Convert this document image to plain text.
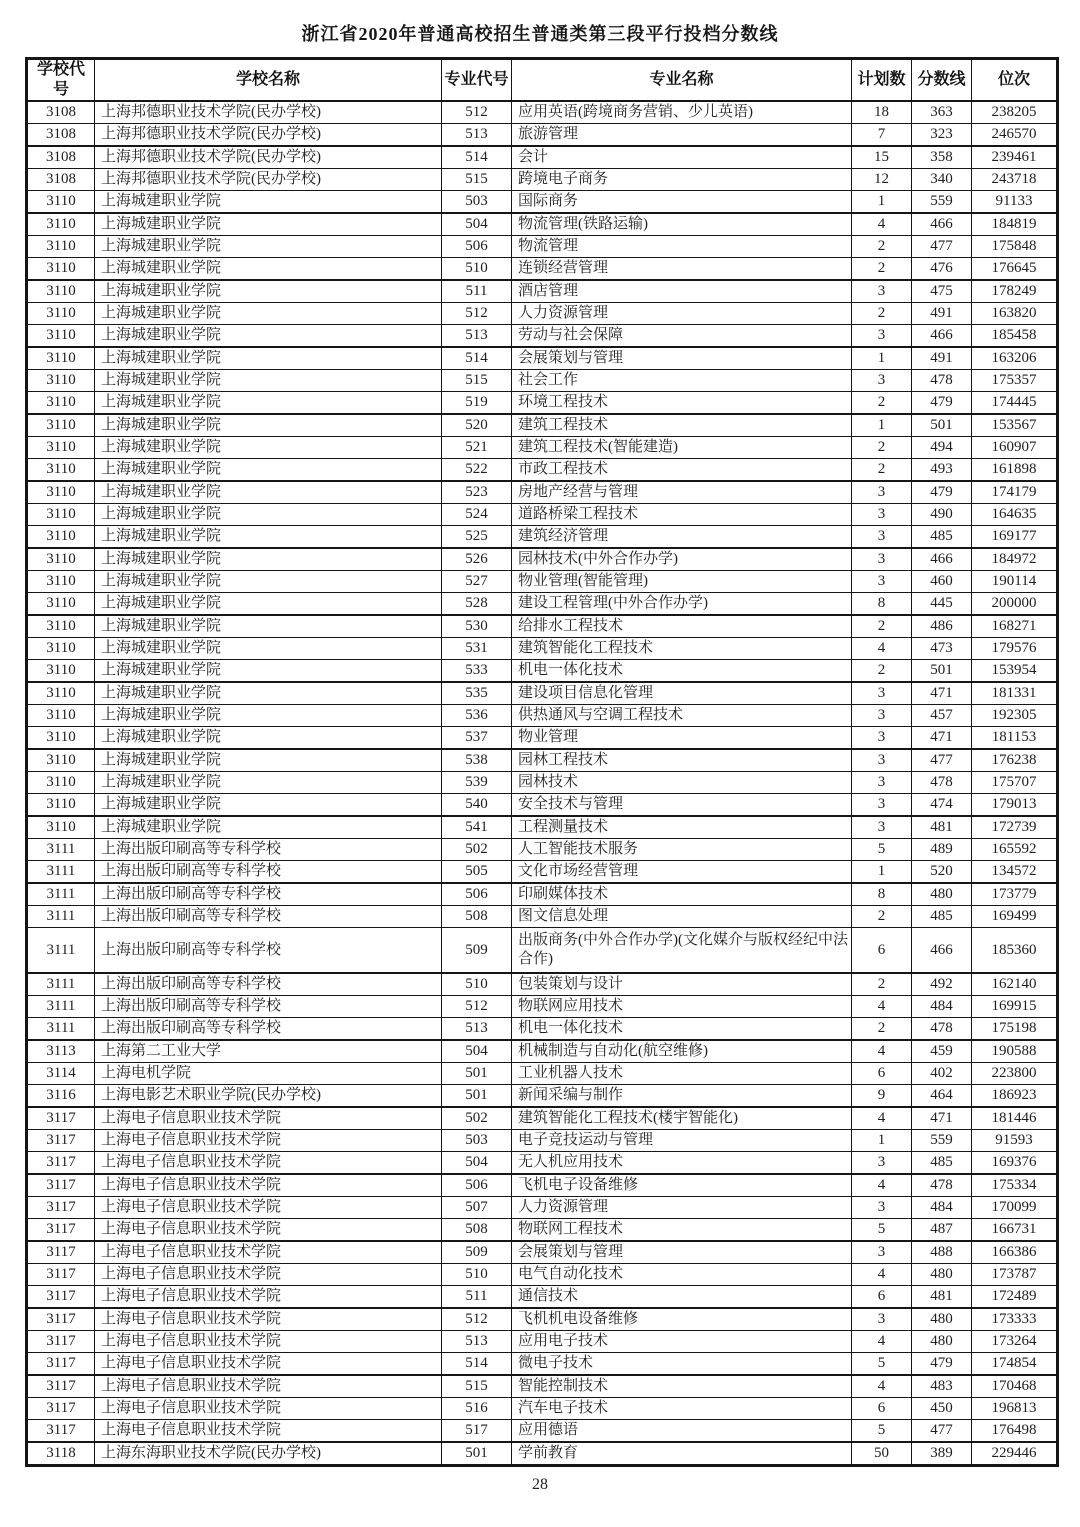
浙江省2020年普通高校招生普通类第三段平行投档分数线
学校代号	学校名称	专业代号	专业名称	计划数	分数线	位次
3108	上海邦德职业技术学院(民办学校)	512	应用英语(跨境商务营销、少儿英语)	18	363	238205
3108	上海邦德职业技术学院(民办学校)	513	旅游管理	7	323	246570
3108	上海邦德职业技术学院(民办学校)	514	会计	15	358	239461
3108	上海邦德职业技术学院(民办学校)	515	跨境电子商务	12	340	243718
3110	上海城建职业学院	503	国际商务	1	559	91133
3110	上海城建职业学院	504	物流管理(铁路运输)	4	466	184819
3110	上海城建职业学院	506	物流管理	2	477	175848
3110	上海城建职业学院	510	连锁经营管理	2	476	176645
3110	上海城建职业学院	511	酒店管理	3	475	178249
3110	上海城建职业学院	512	人力资源管理	2	491	163820
3110	上海城建职业学院	513	劳动与社会保障	3	466	185458
3110	上海城建职业学院	514	会展策划与管理	1	491	163206
3110	上海城建职业学院	515	社会工作	3	478	175357
3110	上海城建职业学院	519	环境工程技术	2	479	174445
3110	上海城建职业学院	520	建筑工程技术	1	501	153567
3110	上海城建职业学院	521	建筑工程技术(智能建造)	2	494	160907
3110	上海城建职业学院	522	市政工程技术	2	493	161898
3110	上海城建职业学院	523	房地产经营与管理	3	479	174179
3110	上海城建职业学院	524	道路桥梁工程技术	3	490	164635
3110	上海城建职业学院	525	建筑经济管理	3	485	169177
3110	上海城建职业学院	526	园林技术(中外合作办学)	3	466	184972
3110	上海城建职业学院	527	物业管理(智能管理)	3	460	190114
3110	上海城建职业学院	528	建设工程管理(中外合作办学)	8	445	200000
3110	上海城建职业学院	530	给排水工程技术	2	486	168271
3110	上海城建职业学院	531	建筑智能化工程技术	4	473	179576
3110	上海城建职业学院	533	机电一体化技术	2	501	153954
3110	上海城建职业学院	535	建设项目信息化管理	3	471	181331
3110	上海城建职业学院	536	供热通风与空调工程技术	3	457	192305
3110	上海城建职业学院	537	物业管理	3	471	181153
3110	上海城建职业学院	538	园林工程技术	3	477	176238
3110	上海城建职业学院	539	园林技术	3	478	175707
3110	上海城建职业学院	540	安全技术与管理	3	474	179013
3110	上海城建职业学院	541	工程测量技术	3	481	172739
3111	上海出版印刷高等专科学校	502	人工智能技术服务	5	489	165592
3111	上海出版印刷高等专科学校	505	文化市场经营管理	1	520	134572
3111	上海出版印刷高等专科学校	506	印刷媒体技术	8	480	173779
3111	上海出版印刷高等专科学校	508	图文信息处理	2	485	169499
3111	上海出版印刷高等专科学校	509	出版商务(中外合作办学)(文化媒介与版权经纪中法合作)	6	466	185360
3111	上海出版印刷高等专科学校	510	包装策划与设计	2	492	162140
3111	上海出版印刷高等专科学校	512	物联网应用技术	4	484	169915
3111	上海出版印刷高等专科学校	513	机电一体化技术	2	478	175198
3113	上海第二工业大学	504	机械制造与自动化(航空维修)	4	459	190588
3114	上海电机学院	501	工业机器人技术	6	402	223800
3116	上海电影艺术职业学院(民办学校)	501	新闻采编与制作	9	464	186923
3117	上海电子信息职业技术学院	502	建筑智能化工程技术(楼宇智能化)	4	471	181446
3117	上海电子信息职业技术学院	503	电子竞技运动与管理	1	559	91593
3117	上海电子信息职业技术学院	504	无人机应用技术	3	485	169376
3117	上海电子信息职业技术学院	506	飞机电子设备维修	4	478	175334
3117	上海电子信息职业技术学院	507	人力资源管理	3	484	170099
3117	上海电子信息职业技术学院	508	物联网工程技术	5	487	166731
3117	上海电子信息职业技术学院	509	会展策划与管理	3	488	166386
3117	上海电子信息职业技术学院	510	电气自动化技术	4	480	173787
3117	上海电子信息职业技术学院	511	通信技术	6	481	172489
3117	上海电子信息职业技术学院	512	飞机机电设备维修	3	480	173333
3117	上海电子信息职业技术学院	513	应用电子技术	4	480	173264
3117	上海电子信息职业技术学院	514	微电子技术	5	479	174854
3117	上海电子信息职业技术学院	515	智能控制技术	4	483	170468
3117	上海电子信息职业技术学院	516	汽车电子技术	6	450	196813
3117	上海电子信息职业技术学院	517	应用德语	5	477	176498
3118	上海东海职业技术学院(民办学校)	501	学前教育	50	389	229446
28
